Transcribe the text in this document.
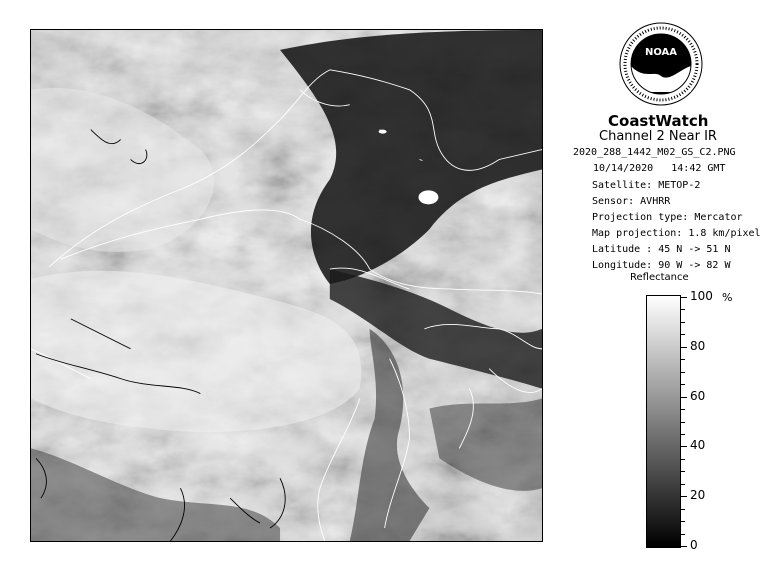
NOAA
CoastWatch
Channel 2 Near IR
2020_288_1442_M02_GS_C2.PNG
10/14/2020   14:42 GMT
Satellite: METOP-2
Sensor: AVHRR
Projection type: Mercator
Map projection: 1.8 km/pixel
Latitude : 45 N -> 51 N
Longitude: 90 W -> 82 W
Reflectance
%
100
80
60
40
20
0
